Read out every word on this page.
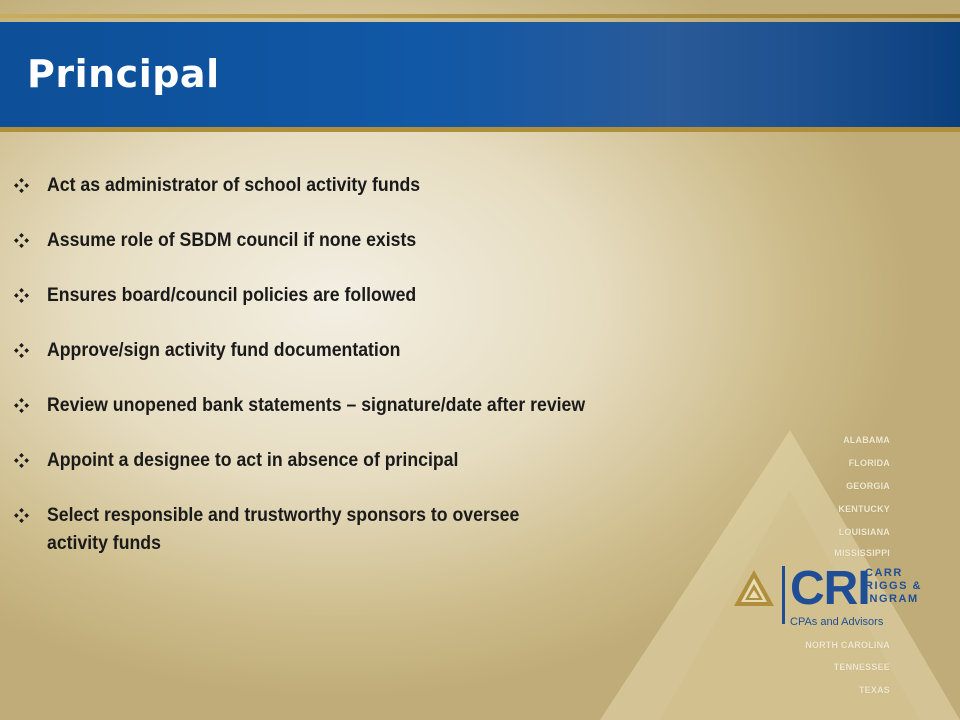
Principal
Act as administrator of school activity funds
Assume role of SBDM council if none exists
Ensures board/council policies are followed
Approve/sign activity fund documentation
Review unopened bank statements – signature/date after review
Appoint a designee to act in absence of principal
Select responsible and trustworthy sponsors to oversee
activity funds
ALABAMA
FLORIDA
GEORGIA
KENTUCKY
LOUISIANA
MISSISSIPPI
NORTH CAROLINA
TENNESSEE
TEXAS
CRI
CARR
RIGGS &
INGRAM
CPAs and Advisors
